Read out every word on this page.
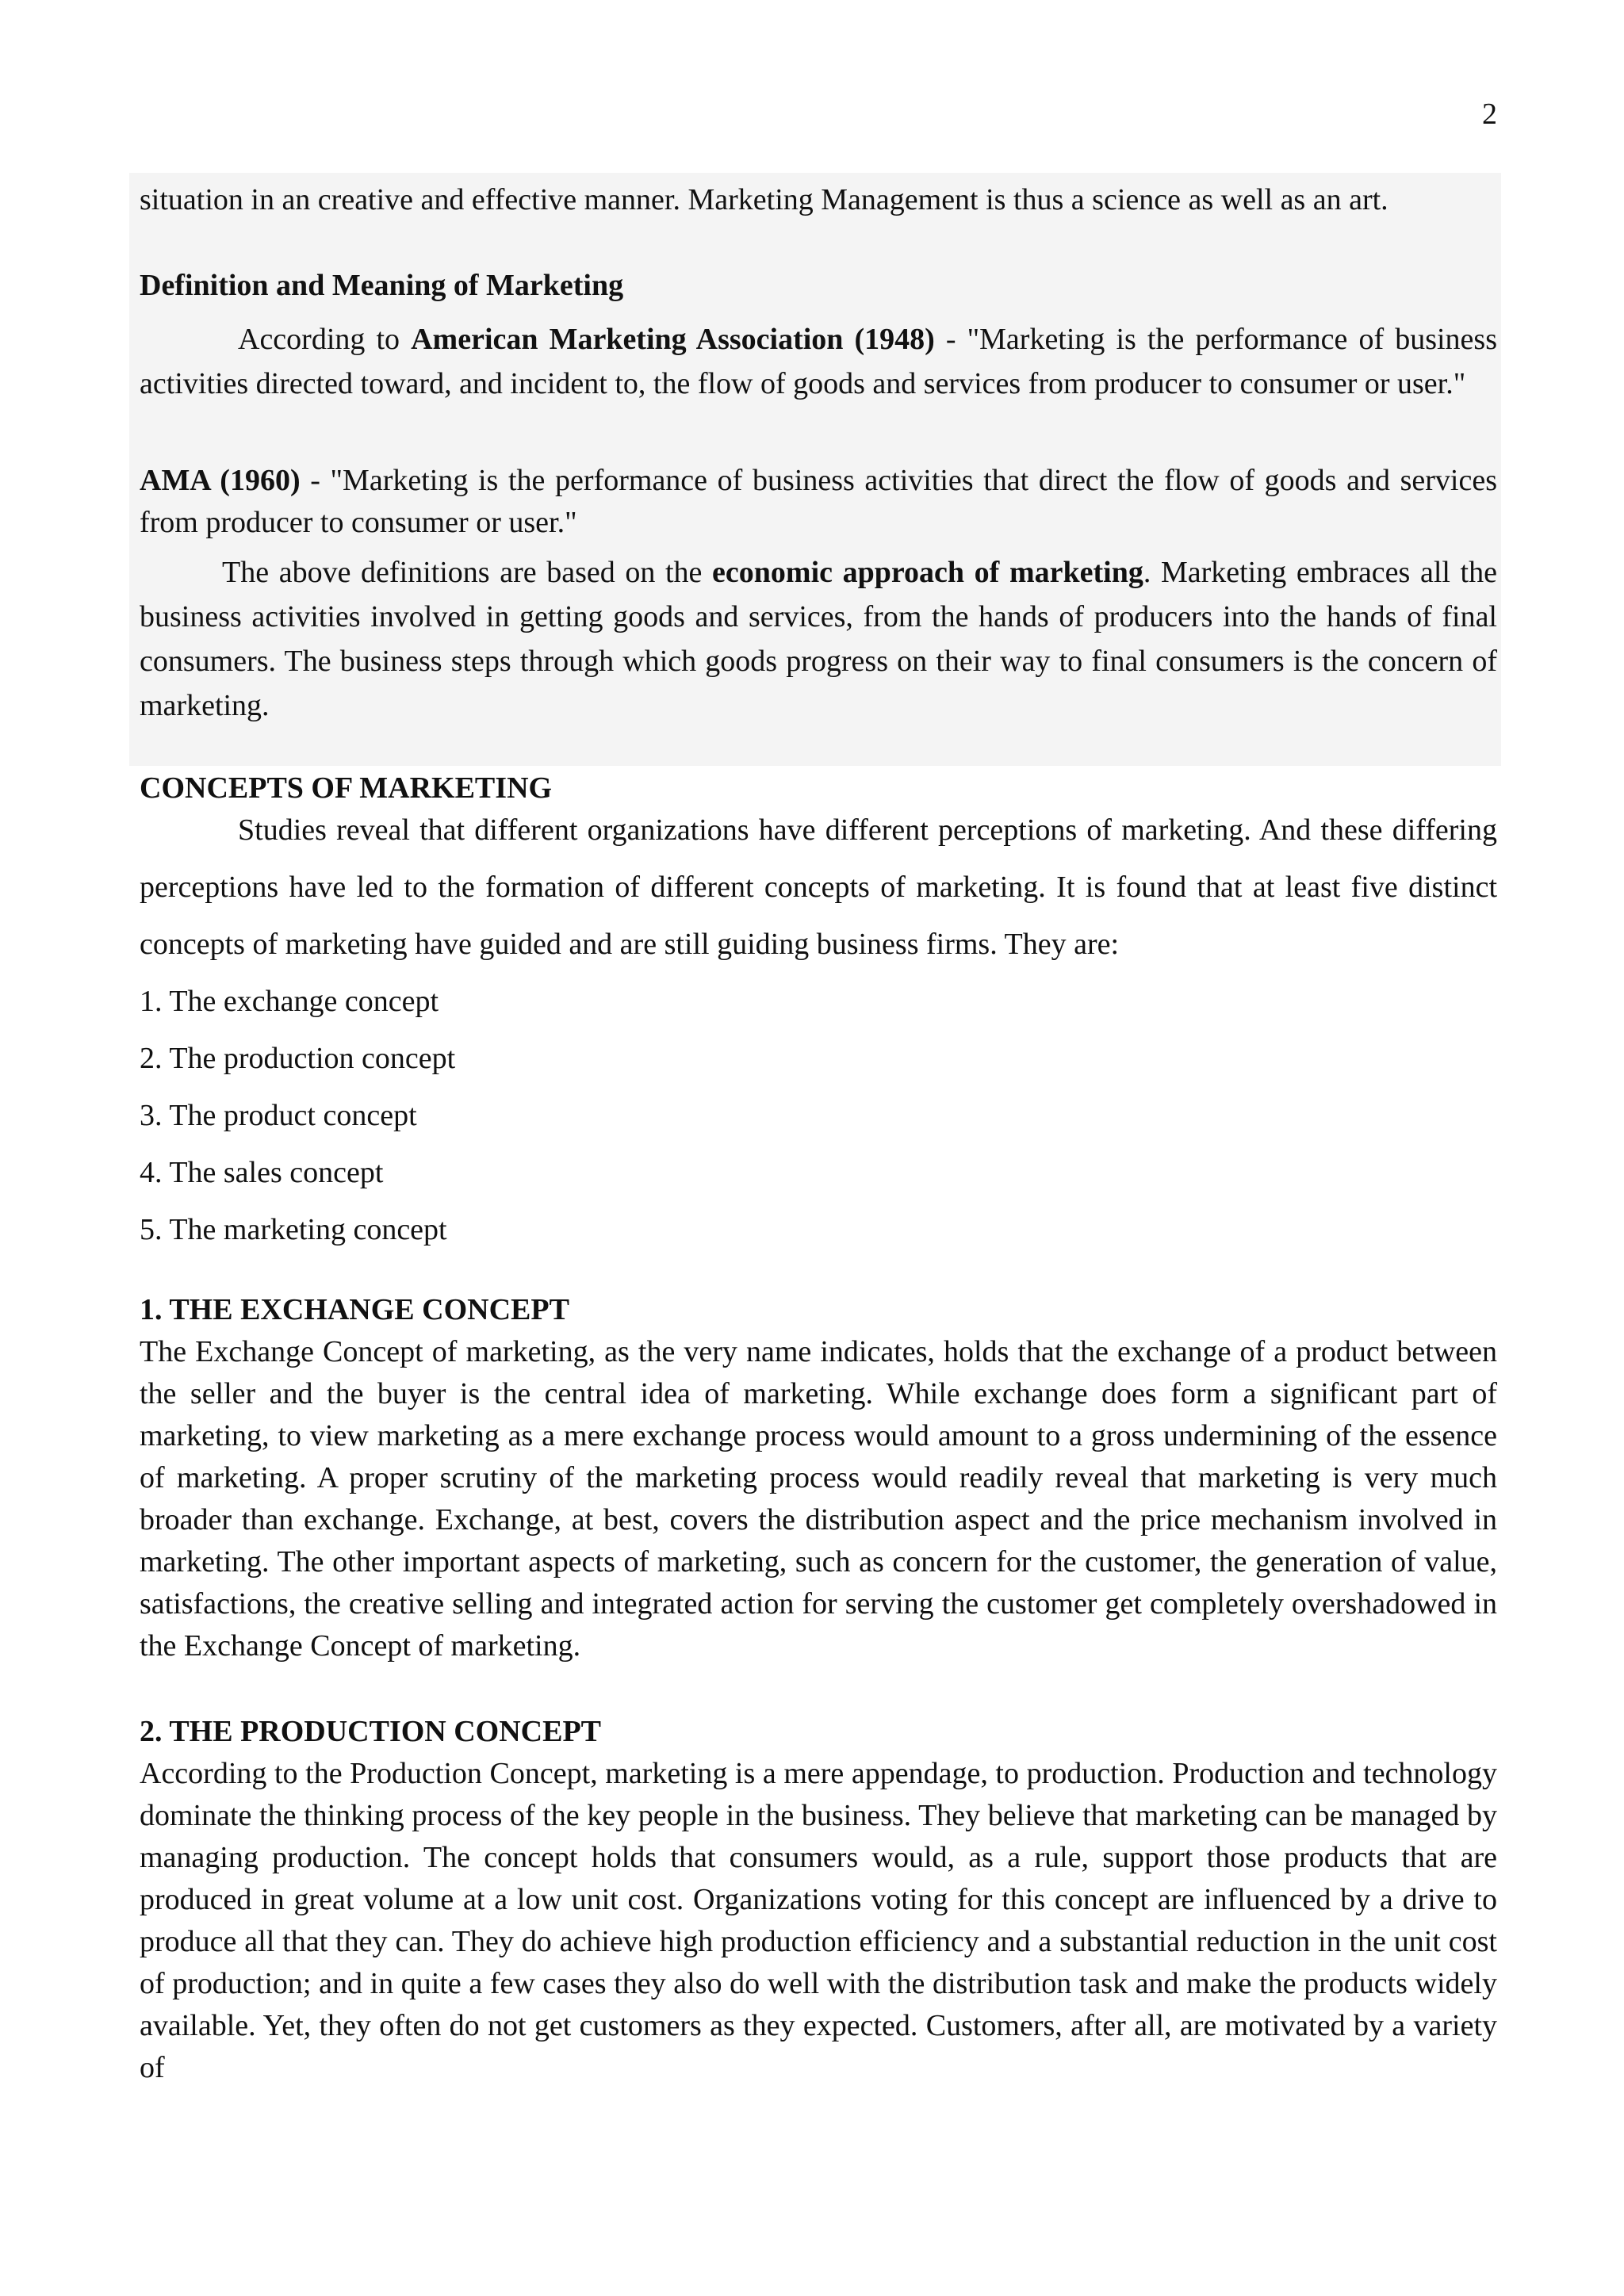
2

situation in an creative and effective manner. Marketing Management is thus a science as well as an art.

Definition and Meaning of Marketing

According to American Marketing Association (1948) - "Marketing is the performance of business activities directed toward, and incident to, the flow of goods and services from producer to consumer or user."

AMA (1960) - "Marketing is the performance of business activities that direct the flow of goods and services from producer to consumer or user."

The above definitions are based on the economic approach of marketing. Marketing embraces all the business activities involved in getting goods and services, from the hands of producers into the hands of final consumers. The business steps through which goods progress on their way to final consumers is the concern of marketing.

CONCEPTS OF MARKETING

Studies reveal that different organizations have different perceptions of marketing. And these differing perceptions have led to the formation of different concepts of marketing. It is found that at least five distinct concepts of marketing have guided and are still guiding business firms. They are:

1. The exchange concept
2. The production concept
3. The product concept
4. The sales concept
5. The marketing concept
1. THE EXCHANGE CONCEPT

The Exchange Concept of marketing, as the very name indicates, holds that the exchange of a product between the seller and the buyer is the central idea of marketing. While exchange does form a significant part of marketing, to view marketing as a mere exchange process would amount to a gross undermining of the essence of marketing. A proper scrutiny of the marketing process would readily reveal that marketing is very much broader than exchange. Exchange, at best, covers the distribution aspect and the price mechanism involved in marketing. The other important aspects of marketing, such as concern for the customer, the generation of value, satisfactions, the creative selling and integrated action for serving the customer get completely overshadowed in the Exchange Concept of marketing.

2. THE PRODUCTION CONCEPT

According to the Production Concept, marketing is a mere appendage, to production. Production and technology dominate the thinking process of the key people in the business. They believe that marketing can be managed by managing production. The concept holds that consumers would, as a rule, support those products that are produced in great volume at a low unit cost. Organizations voting for this concept are influenced by a drive to produce all that they can. They do achieve high production efficiency and a substantial reduction in the unit cost of production; and in quite a few cases they also do well with the distribution task and make the products widely available. Yet, they often do not get customers as they expected. Customers, after all, are motivated by a variety of
